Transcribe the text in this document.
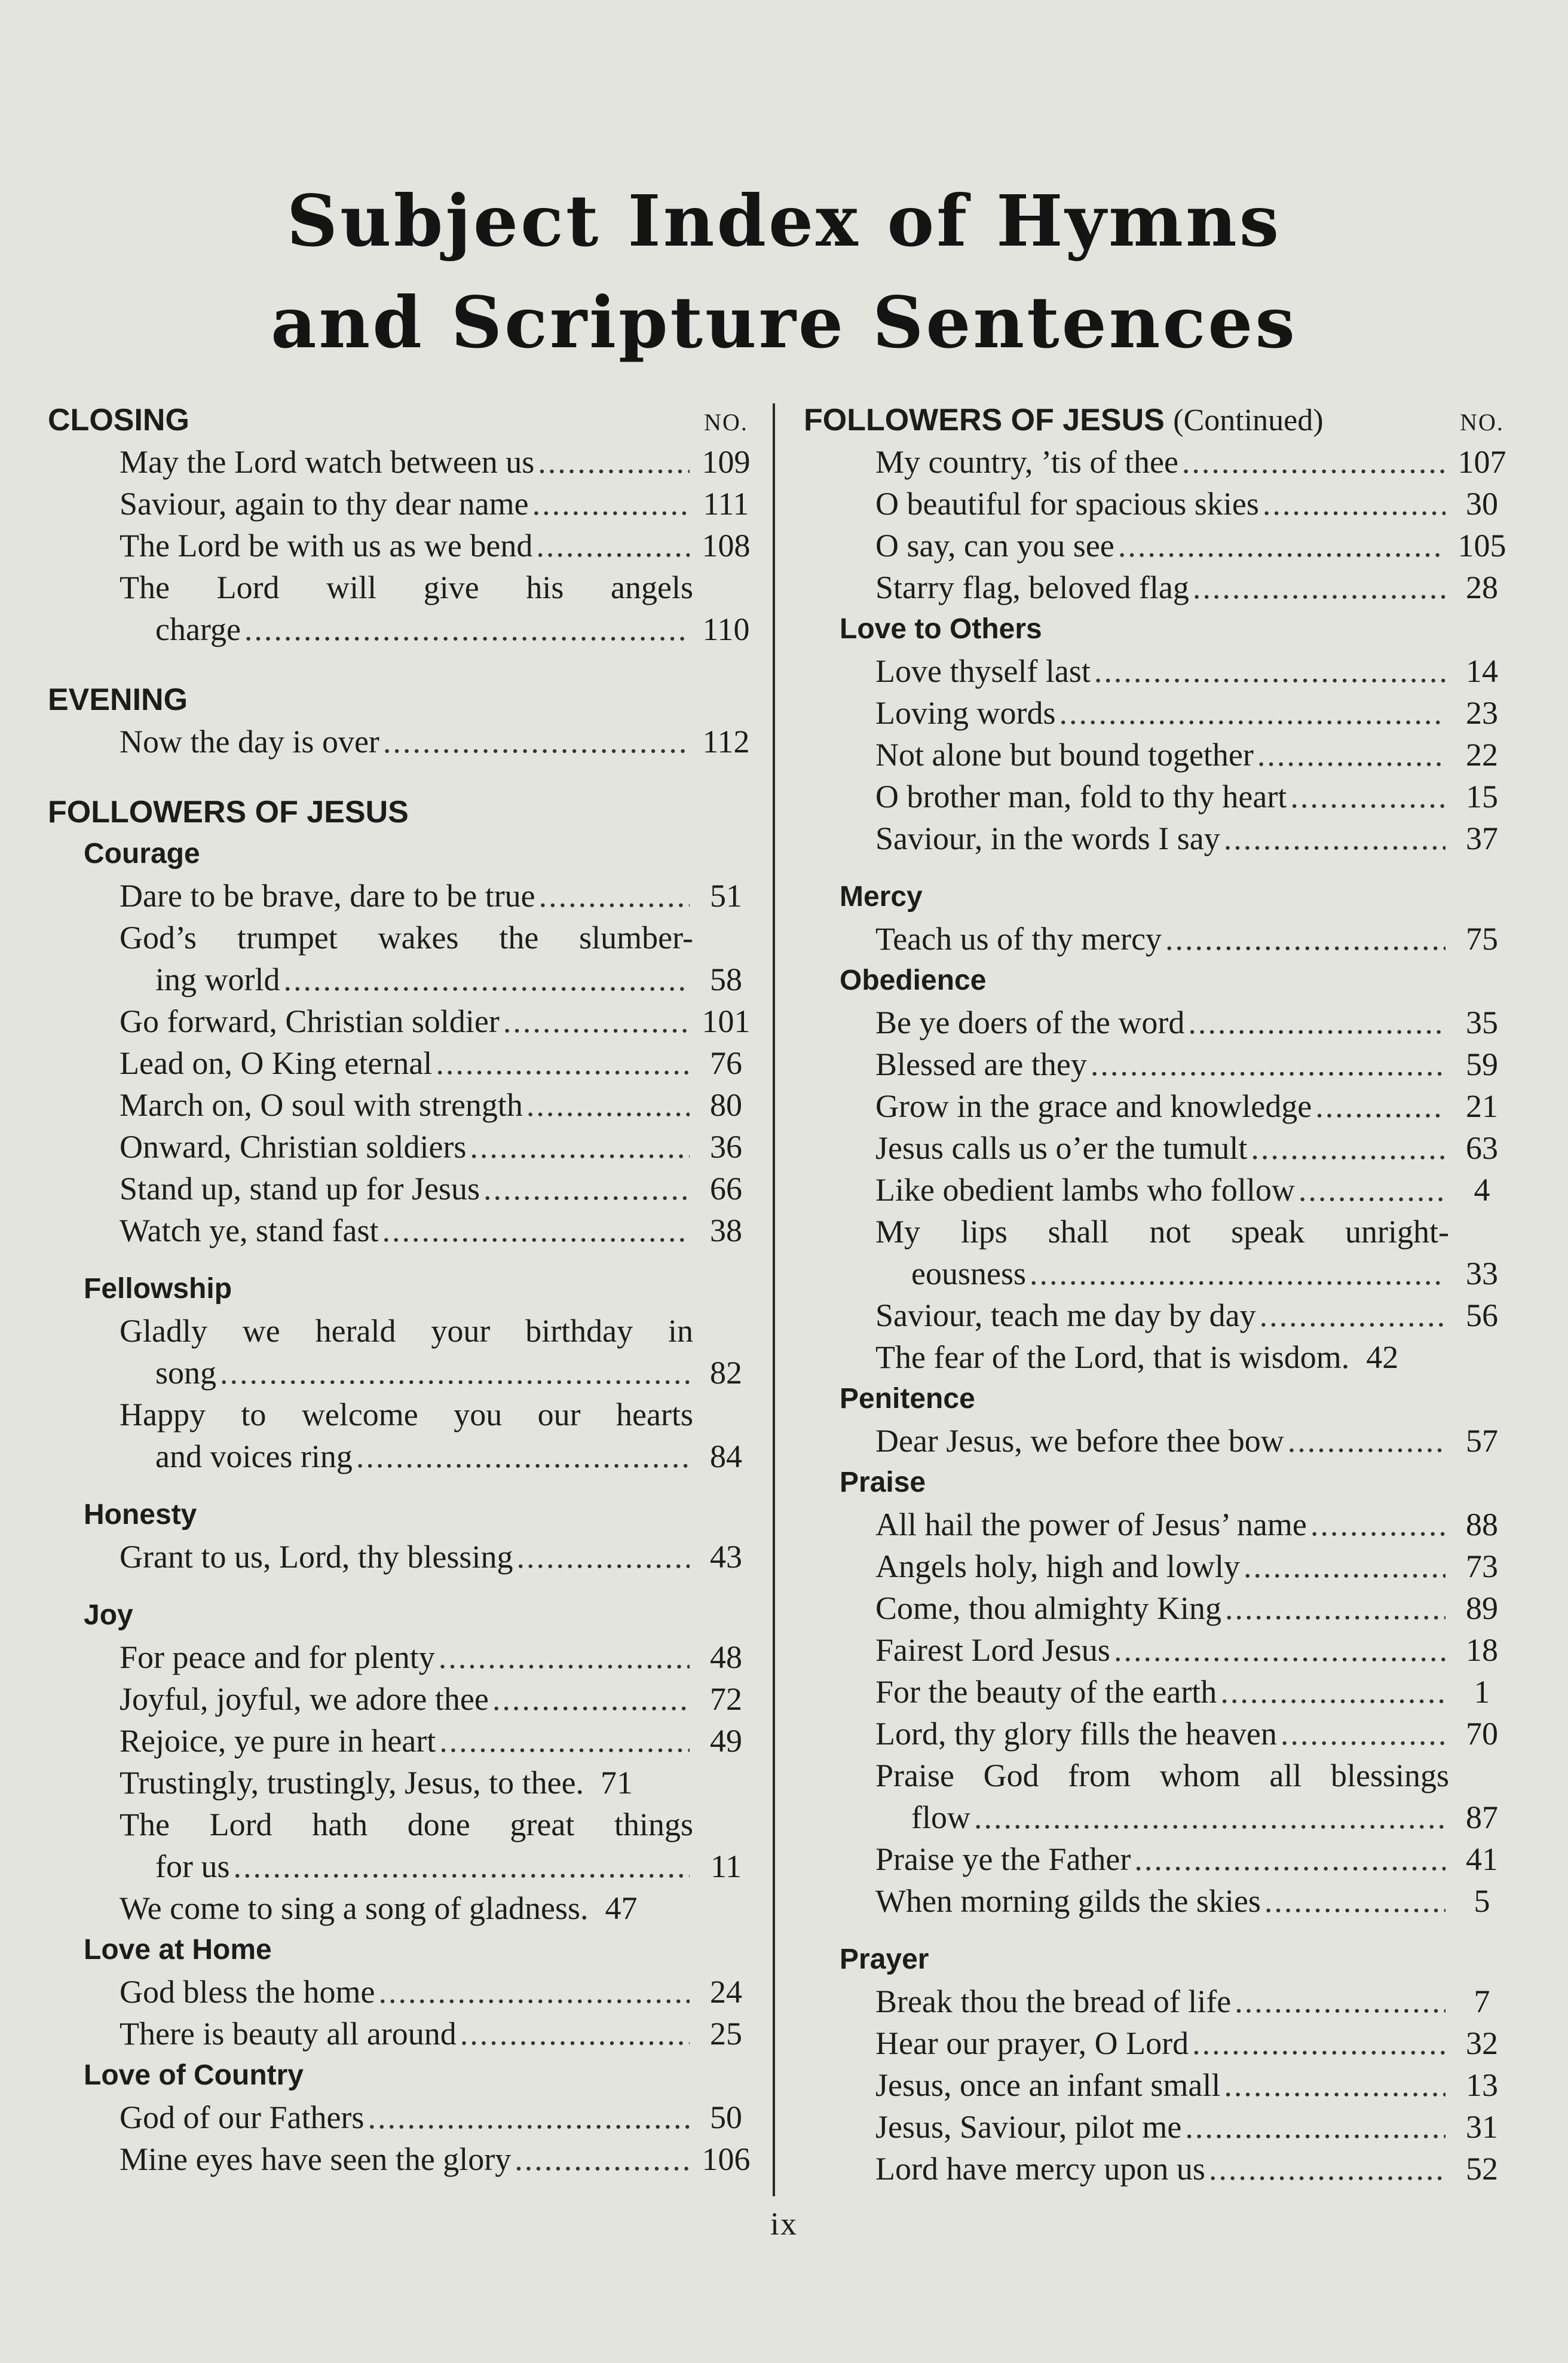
Subject Index of Hymns
and Scripture Sentences
CLOSING	NO.
May the Lord watch between us .....	109
Saviour, again to thy dear name .....	111
The Lord be with us as we bend .....	108
The Lord will give his angels
charge .....	110
EVENING
Now the day is over .....	112
FOLLOWERS OF JESUS
Courage
Dare to be brave, dare to be true .....	51
God’s trumpet wakes the slumber-
ing world .....	58
Go forward, Christian soldier .....	101
Lead on, O King eternal .....	76
March on, O soul with strength .....	80
Onward, Christian soldiers .....	36
Stand up, stand up for Jesus .....	66
Watch ye, stand fast .....	38
Fellowship
Gladly we herald your birthday in
song .....	82
Happy to welcome you our hearts
and voices ring .....	84
Honesty
Grant to us, Lord, thy blessing .....	43
Joy
For peace and for plenty .....	48
Joyful, joyful, we adore thee .....	72
Rejoice, ye pure in heart .....	49
Trustingly, trustingly, Jesus, to thee. 71
The Lord hath done great things
for us .....	11
We come to sing a song of gladness. 47
Love at Home
God bless the home .....	24
There is beauty all around .....	25
Love of Country
God of our Fathers .....	50
Mine eyes have seen the glory .....	106
FOLLOWERS OF JESUS (Continued)	NO.
My country, ’tis of thee .....	107
O beautiful for spacious skies .....	30
O say, can you see .....	105
Starry flag, beloved flag .....	28
Love to Others
Love thyself last .....	14
Loving words .....	23
Not alone but bound together .....	22
O brother man, fold to thy heart .....	15
Saviour, in the words I say .....	37
Mercy
Teach us of thy mercy .....	75
Obedience
Be ye doers of the word .....	35
Blessed are they .....	59
Grow in the grace and knowledge .....	21
Jesus calls us o’er the tumult .....	63
Like obedient lambs who follow .....	4
My lips shall not speak unright-
eousness .....	33
Saviour, teach me day by day .....	56
The fear of the Lord, that is wisdom. 42
Penitence
Dear Jesus, we before thee bow .....	57
Praise
All hail the power of Jesus’ name .....	88
Angels holy, high and lowly .....	73
Come, thou almighty King .....	89
Fairest Lord Jesus .....	18
For the beauty of the earth .....	1
Lord, thy glory fills the heaven .....	70
Praise God from whom all blessings
flow .....	87
Praise ye the Father .....	41
When morning gilds the skies .....	5
Prayer
Break thou the bread of life .....	7
Hear our prayer, O Lord .....	32
Jesus, once an infant small .....	13
Jesus, Saviour, pilot me .....	31
Lord have mercy upon us .....	52
ix
